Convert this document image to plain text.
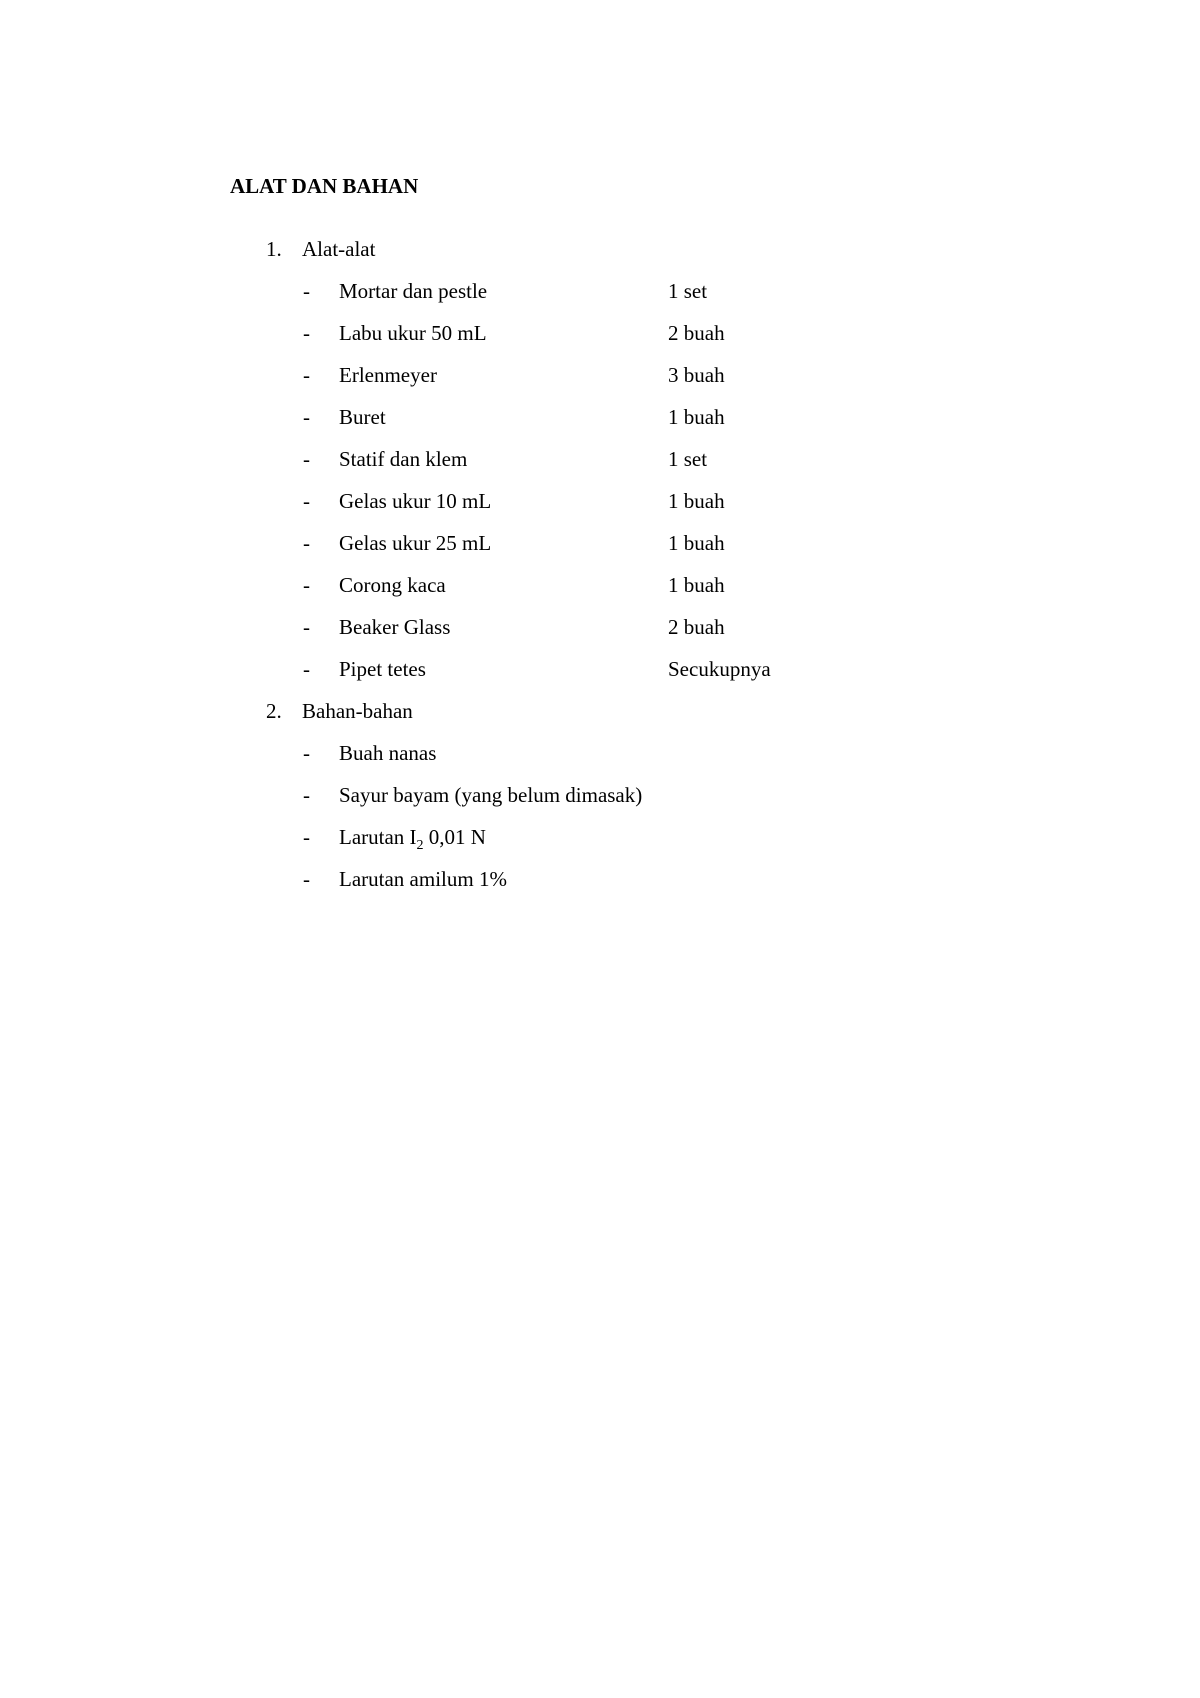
ALAT DAN BAHAN
1. Alat-alat
- Mortar dan pestle	1 set
- Labu ukur 50 mL	2 buah
- Erlenmeyer	3 buah
- Buret	1 buah
- Statif dan klem	1 set
- Gelas ukur 10 mL	1 buah
- Gelas ukur 25 mL	1 buah
- Corong kaca	1 buah
- Beaker Glass	2 buah
- Pipet tetes	Secukupnya
2. Bahan-bahan
- Buah nanas
- Sayur bayam (yang belum dimasak)
- Larutan $I_2$ 0,01 N
- Larutan amilum 1%
